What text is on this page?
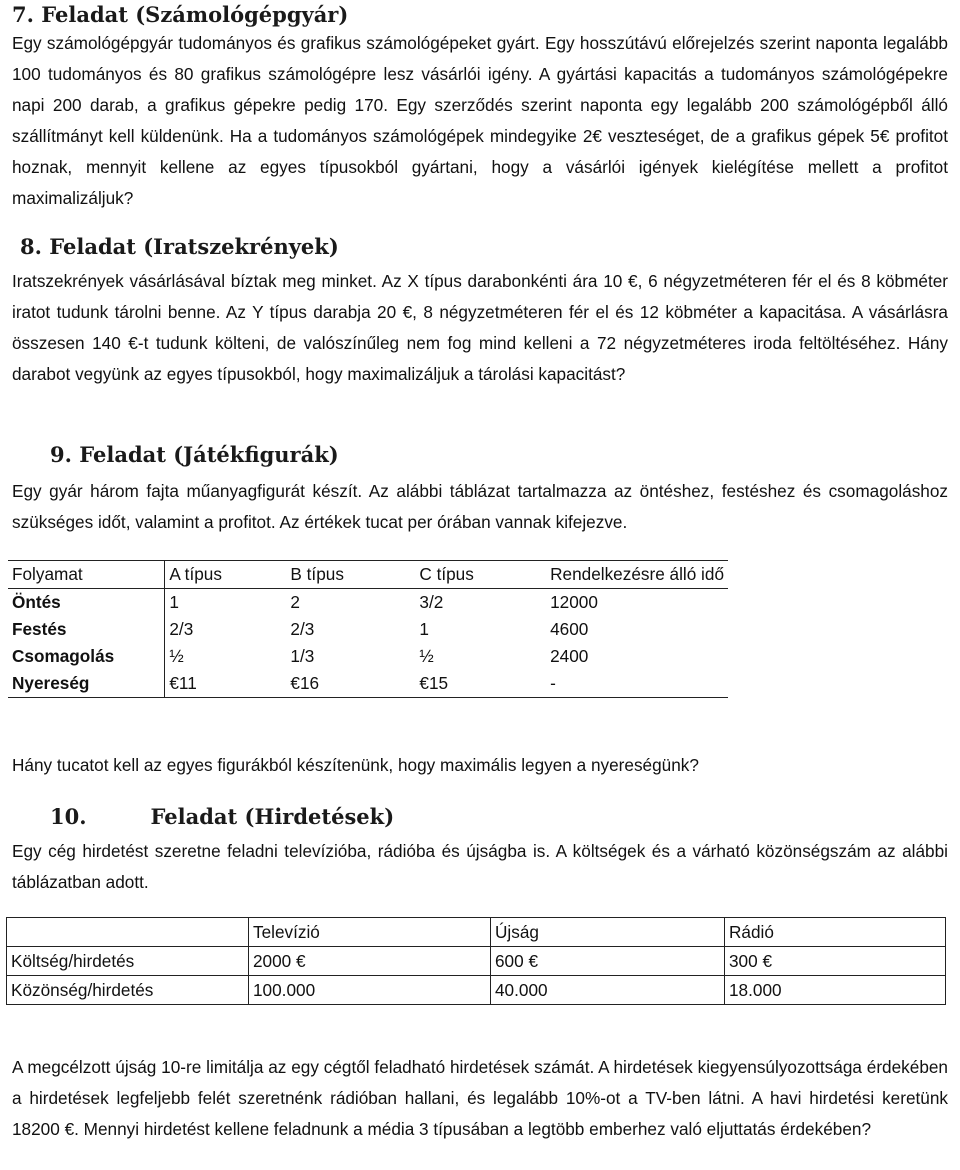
7. Feladat (Számológépgyár)

Egy számológépgyár tudományos és grafikus számológépeket gyárt. Egy hosszútávú előrejelzés szerint naponta legalább 100 tudományos és 80 grafikus számológépre lesz vásárlói igény. A gyártási kapacitás a tudományos számológépekre napi 200 darab, a grafikus gépekre pedig 170. Egy szerződés szerint naponta egy legalább 200 számológépből álló szállítmányt kell küldenünk. Ha a tudományos számológépek mindegyike 2€ veszteséget, de a grafikus gépek 5€ profitot hoznak, mennyit kellene az egyes típusokból gyártani, hogy a vásárlói igények kielégítése mellett a profitot maximalizáljuk?

8. Feladat (Iratszekrények)

Iratszekrények vásárlásával bíztak meg minket. Az X típus darabonkénti ára 10 €, 6 négyzetméteren fér el és 8 köbméter iratot tudunk tárolni benne. Az Y típus darabja 20 €, 8 négyzetméteren fér el és 12 köbméter a kapacitása. A vásárlásra összesen 140 €-t tudunk költeni, de valószínűleg nem fog mind kelleni a 72 négyzetméteres iroda feltöltéséhez. Hány darabot vegyünk az egyes típusokból, hogy maximalizáljuk a tárolási kapacitást?

9. Feladat (Játékfigurák)

Egy gyár három fajta műanyagfigurát készít. Az alábbi táblázat tartalmazza az öntéshez, festéshez és csomagoláshoz szükséges időt, valamint a profitot. Az értékek tucat per órában vannak kifejezve.

Folyamat	A típus	B típus	C típus	Rendelkezésre álló idő
Öntés	1	2	3/2	12000
Festés	2/3	2/3	1	4600
Csomagolás	½	1/3	½	2400
Nyereség	€11	€16	€15	-

Hány tucatot kell az egyes figurákból készítenünk, hogy maximális legyen a nyereségünk?

10.	Feladat (Hirdetések)

Egy cég hirdetést szeretne feladni televízióba, rádióba és újságba is. A költségek és a várható közönségszám az alábbi táblázatban adott.

	Televízió	Újság	Rádió
Költség/hirdetés	2000 €	600 €	300 €
Közönség/hirdetés	100.000	40.000	18.000

A megcélzott újság 10-re limitálja az egy cégtől feladható hirdetések számát. A hirdetések kiegyensúlyozottsága érdekében a hirdetések legfeljebb felét szeretnénk rádióban hallani, és legalább 10%-ot a TV-ben látni. A havi hirdetési keretünk 18200 €. Mennyi hirdetést kellene feladnunk a média 3 típusában a legtöbb emberhez való eljuttatás érdekében?
